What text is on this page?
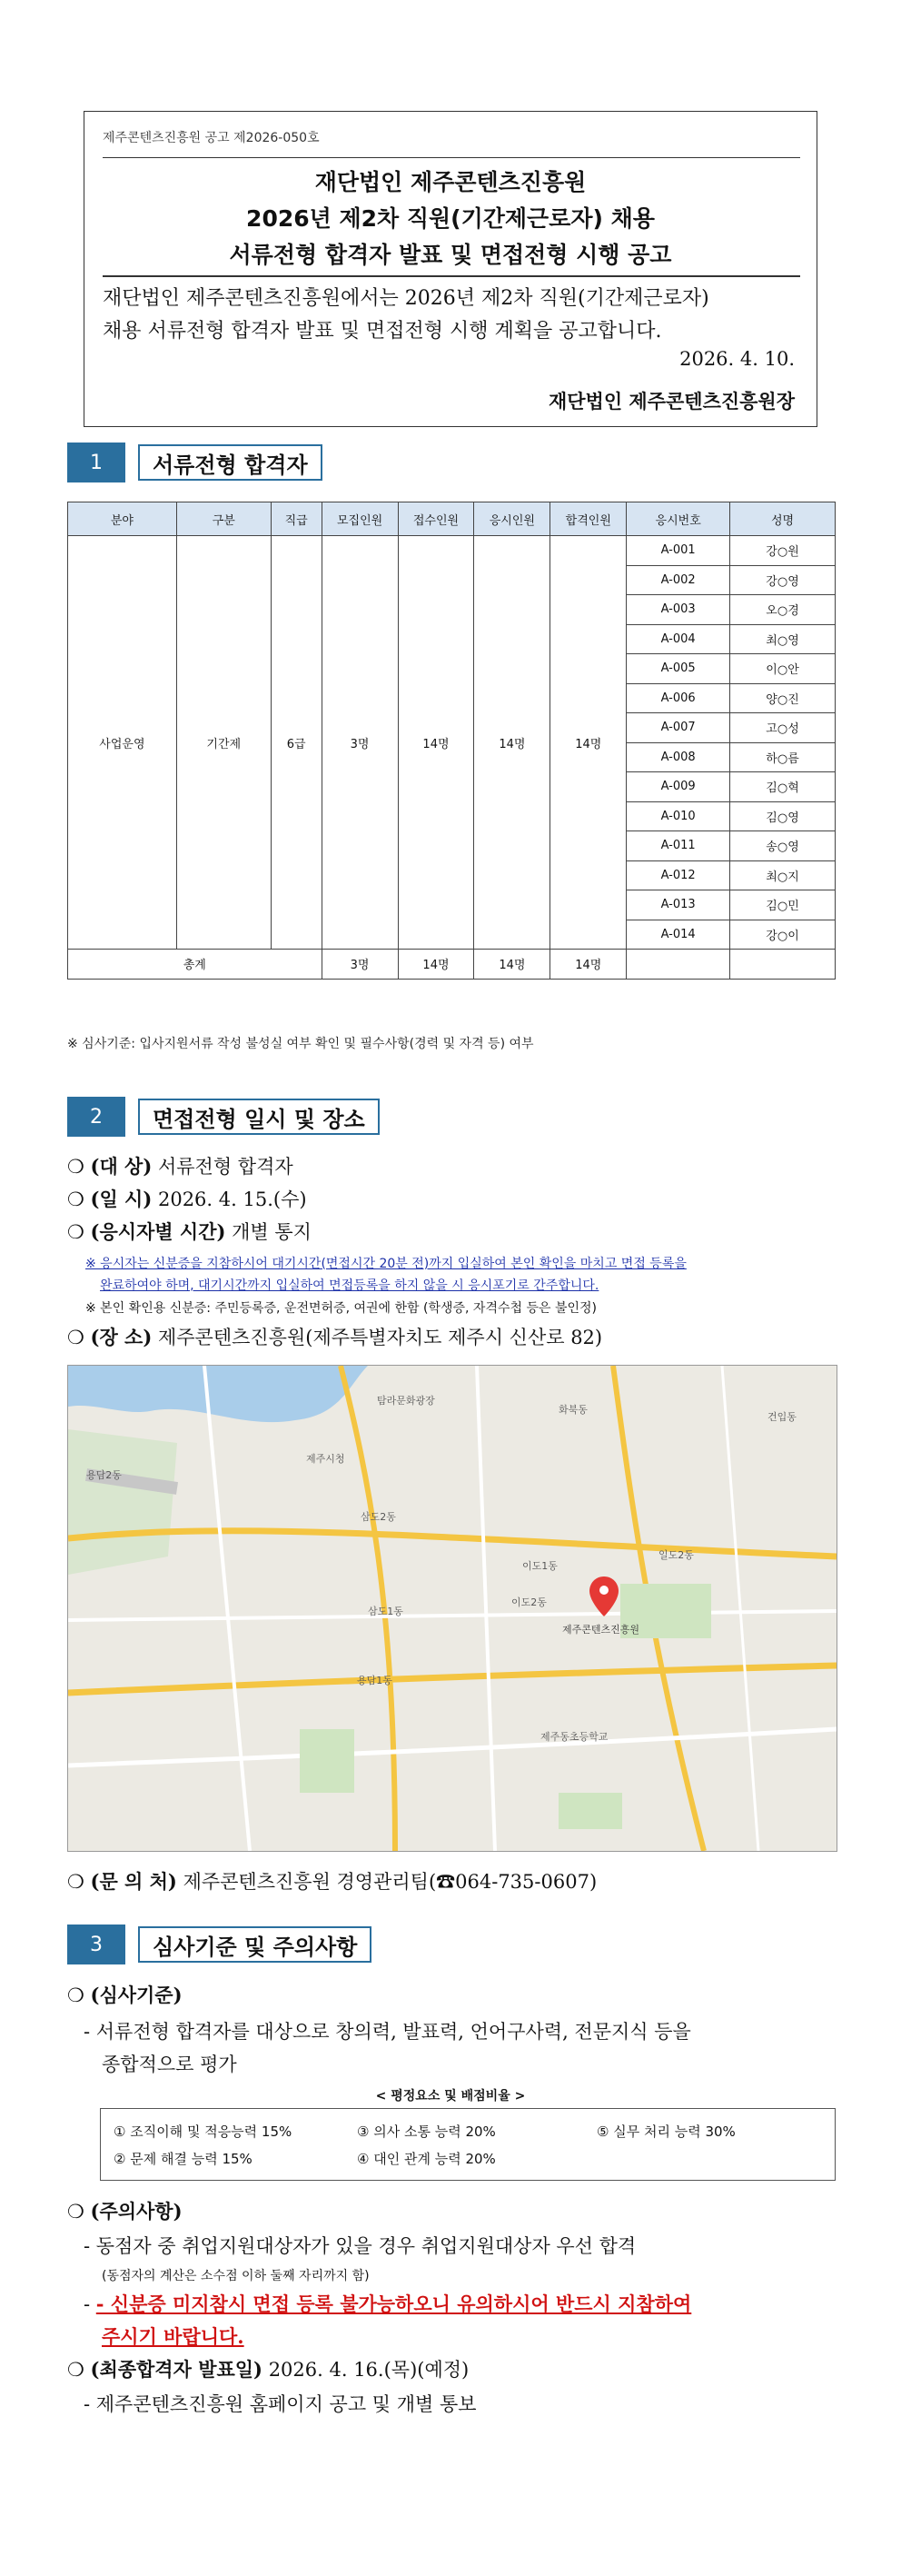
제주콘텐츠진흥원 공고 제2026-050호
재단법인 제주콘텐츠진흥원
2026년 제2차 직원(기간제근로자) 채용
서류전형 합격자 발표 및 면접전형 시행 공고
재단법인 제주콘텐츠진흥원에서는 2026년 제2차 직원(기간제근로자)
채용 서류전형 합격자 발표 및 면접전형 시행 계획을 공고합니다.
2026. 4. 10.
재단법인 제주콘텐츠진흥원장
1	서류전형 합격자
분야	구분	직급	모집인원	접수인원	응시인원	합격인원	응시번호	성명
사업운영	기간제	6급	3명	14명	14명	14명	A-001	강○원
							A-002	강○영
							A-003	오○경
							A-004	최○영
							A-005	이○안
							A-006	양○진
							A-007	고○성
							A-008	하○름
							A-009	김○혁
							A-010	김○영
							A-011	송○영
							A-012	최○지
							A-013	김○민
							A-014	강○이
총계			3명	14명	14명	14명		
※ 심사기준: 입사지원서류 작성 불성실 여부 확인 및 필수사항(경력 및 자격 등) 여부
2	면접전형 일시 및 장소
❍ (대 상) 서류전형 합격자
❍ (일 시) 2026. 4. 15.(수)
❍ (응시자별 시간) 개별 통지
※ 응시자는 신분증을 지참하시어 대기시간(면접시간 20분 전)까지 입실하여 본인 확인을 마치고 면접 등록을
완료하여야 하며, 대기시간까지 입실하여 면접등록을 하지 않을 시 응시포기로 간주합니다.
※ 본인 확인용 신분증: 주민등록증, 운전면허증, 여권에 한함 (학생증, 자격수첩 등은 불인정)
❍ (장 소) 제주콘텐츠진흥원(제주특별자치도 제주시 신산로 82)
제주콘텐츠진흥원
용담2동
삼도2동
삼도1동
이도1동
이도2동
일도2동
용담1동
화북동
건입동
제주시청
탐라문화광장
제주동초등학교
❍ (문 의 처) 제주콘텐츠진흥원 경영관리팀(☎064-735-0607)
3	심사기준 및 주의사항
❍ (심사기준)
- 서류전형 합격자를 대상으로 창의력, 발표력, 언어구사력, 전문지식 등을
종합적으로 평가
< 평정요소 및 배점비율 >
① 조직이해 및 적응능력 15%	③ 의사 소통 능력 20%	⑤ 실무 처리 능력 30%
② 문제 해결 능력 15%	④ 대인 관계 능력 20%
❍ (주의사항)
- 동점자 중 취업지원대상자가 있을 경우 취업지원대상자 우선 합격
(동점자의 계산은 소수점 이하 둘째 자리까지 함)
- - 신분증 미지참시 면접 등록 불가능하오니 유의하시어 반드시 지참하여
주시기 바랍니다.
❍ (최종합격자 발표일) 2026. 4. 16.(목)(예정)
- 제주콘텐츠진흥원 홈페이지 공고 및 개별 통보
